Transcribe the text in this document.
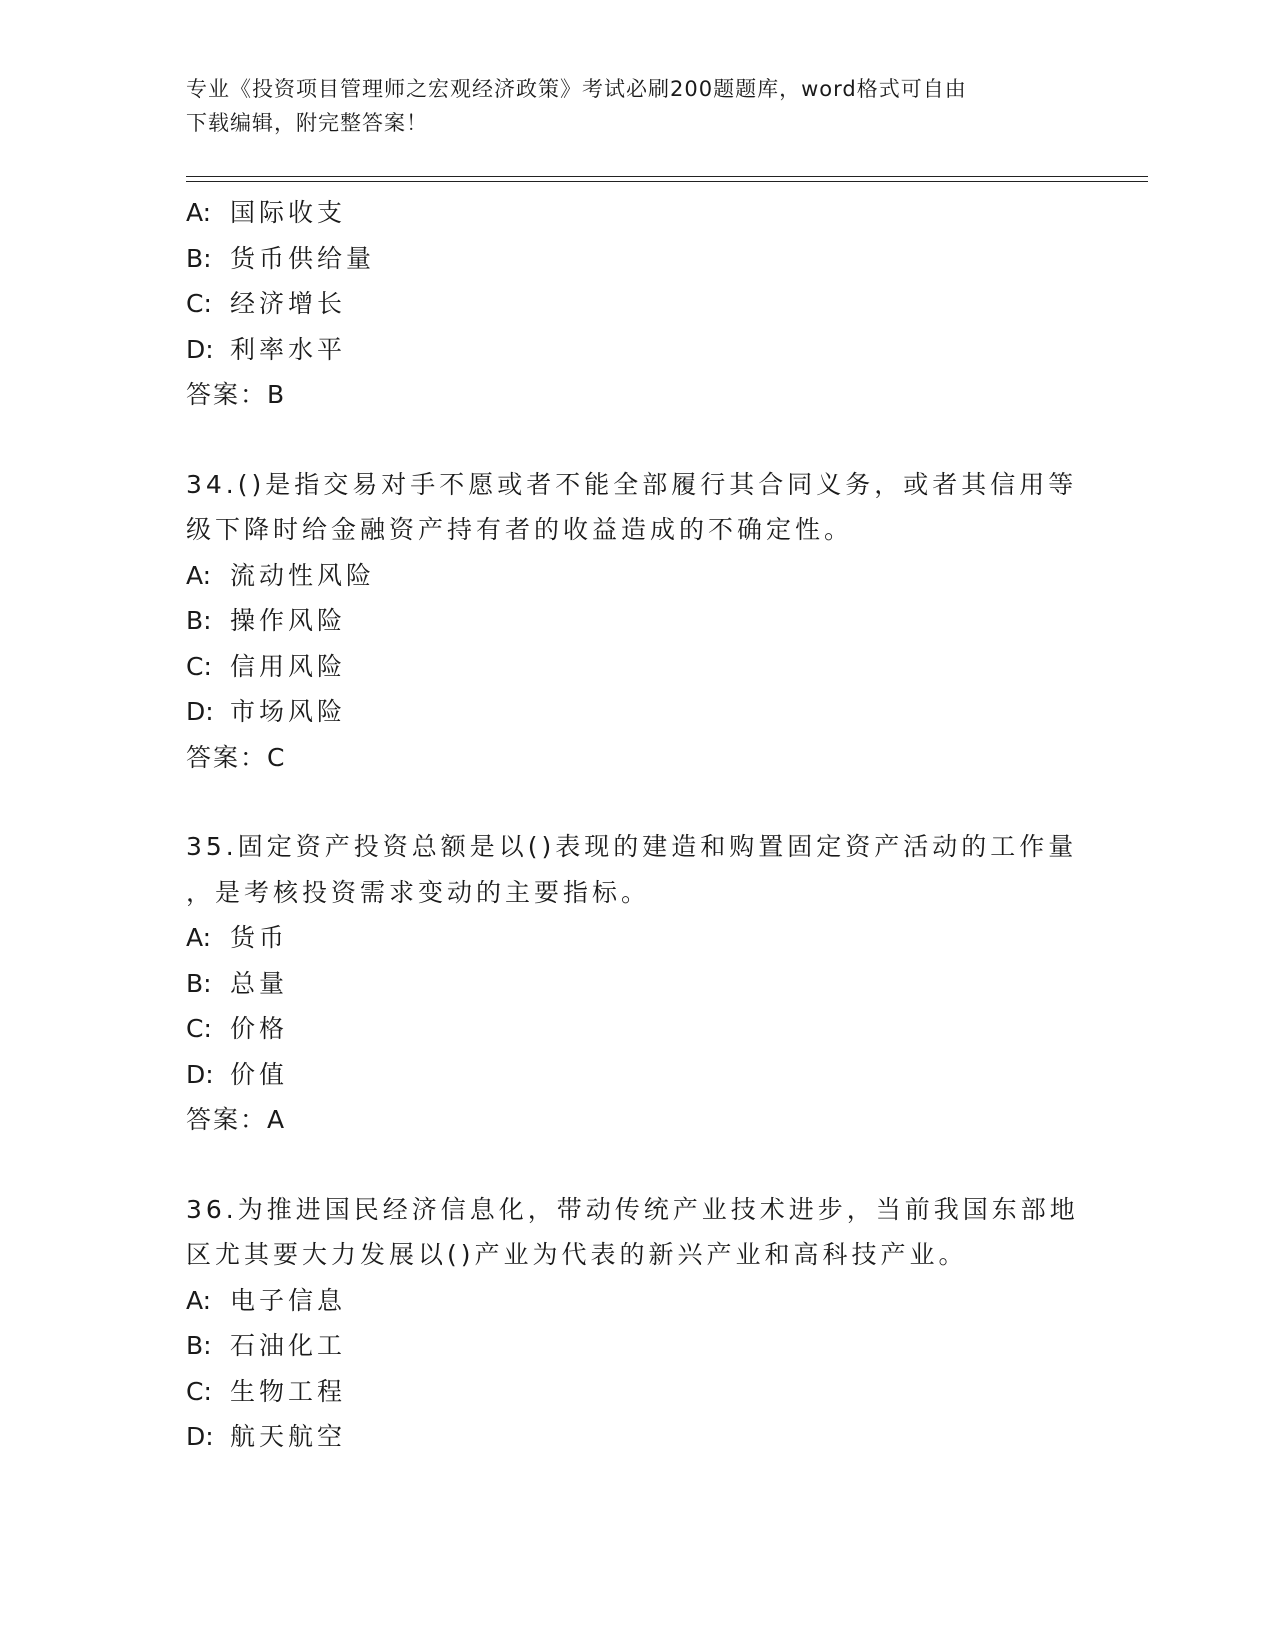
专业《投资项目管理师之宏观经济政策》考试必刷200题题库，word格式可自由
下载编辑，附完整答案！
A: 国际收支
B: 货币供给量
C: 经济增长
D: 利率水平
答案：B
34.()是指交易对手不愿或者不能全部履行其合同义务，或者其信用等
级下降时给金融资产持有者的收益造成的不确定性。
A: 流动性风险
B: 操作风险
C: 信用风险
D: 市场风险
答案：C
35.固定资产投资总额是以()表现的建造和购置固定资产活动的工作量
，是考核投资需求变动的主要指标。
A: 货币
B: 总量
C: 价格
D: 价值
答案：A
36.为推进国民经济信息化，带动传统产业技术进步，当前我国东部地
区尤其要大力发展以()产业为代表的新兴产业和高科技产业。
A: 电子信息
B: 石油化工
C: 生物工程
D: 航天航空
